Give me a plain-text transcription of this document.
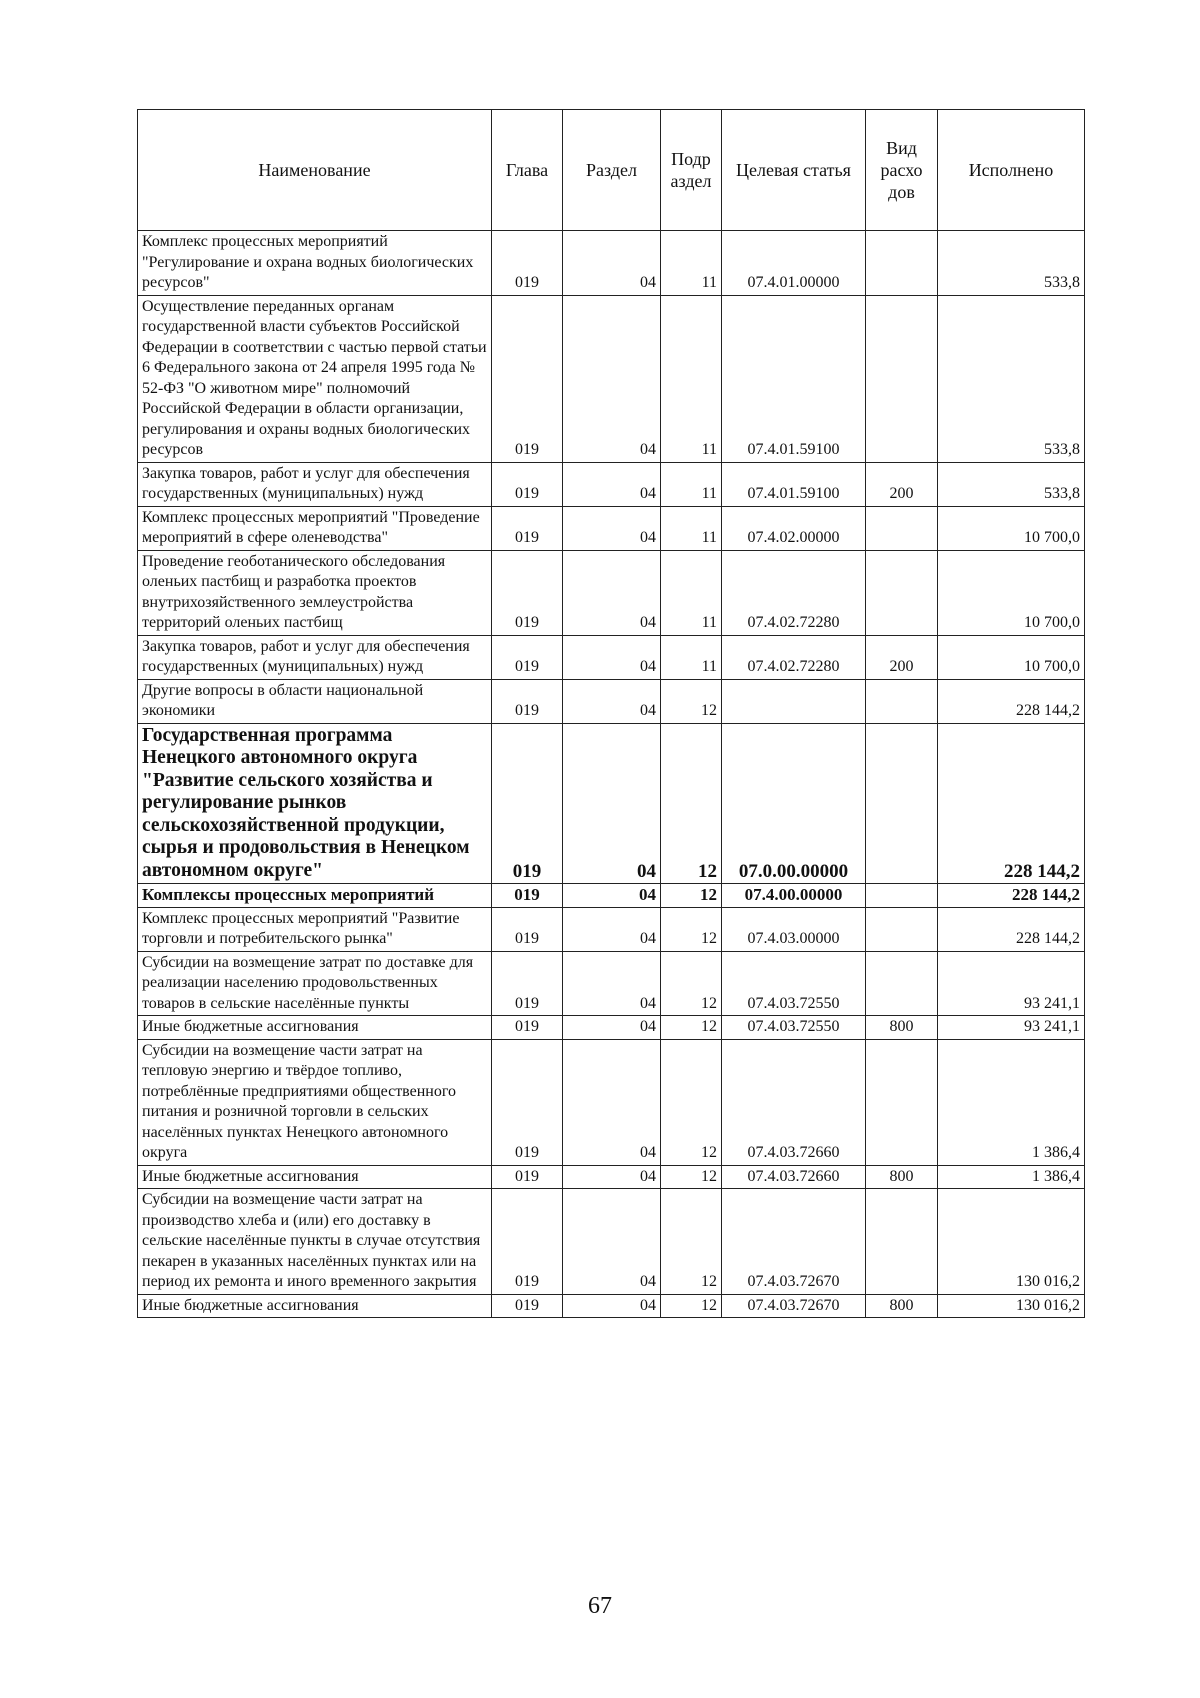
Наименование	Глава	Раздел	Подр аздел	Целевая статья	Вид расхо дов	Исполнено
Комплекс процессных мероприятий "Регулирование и охрана водных биологических ресурсов"	019	04	11	07.4.01.00000		533,8
Осуществление переданных органам государственной власти субъектов Российской Федерации в соответствии с частью первой статьи 6 Федерального закона от 24 апреля 1995 года № 52-ФЗ "О животном мире" полномочий Российской Федерации в области организации, регулирования и охраны водных биологических ресурсов	019	04	11	07.4.01.59100		533,8
Закупка товаров, работ и услуг для обеспечения государственных (муниципальных) нужд	019	04	11	07.4.01.59100	200	533,8
Комплекс процессных мероприятий "Проведение мероприятий в сфере оленеводства"	019	04	11	07.4.02.00000		10 700,0
Проведение геоботанического обследования оленьих пастбищ и разработка проектов внутрихозяйственного землеустройства территорий оленьих пастбищ	019	04	11	07.4.02.72280		10 700,0
Закупка товаров, работ и услуг для обеспечения государственных (муниципальных) нужд	019	04	11	07.4.02.72280	200	10 700,0
Другие вопросы в области национальной экономики	019	04	12			228 144,2
Государственная программа Ненецкого автономного округа "Развитие сельского хозяйства и регулирование рынков сельскохозяйственной продукции, сырья и продовольствия в Ненецком автономном округе"	019	04	12	07.0.00.00000		228 144,2
Комплексы процессных мероприятий	019	04	12	07.4.00.00000		228 144,2
Комплекс процессных мероприятий "Развитие торговли и потребительского рынка"	019	04	12	07.4.03.00000		228 144,2
Субсидии на возмещение затрат по доставке для реализации населению продовольственных товаров в сельские населённые пункты	019	04	12	07.4.03.72550		93 241,1
Иные бюджетные ассигнования	019	04	12	07.4.03.72550	800	93 241,1
Субсидии на возмещение части затрат на тепловую энергию и твёрдое топливо, потреблённые предприятиями общественного питания и розничной торговли в сельских населённых пунктах Ненецкого автономного округа	019	04	12	07.4.03.72660		1 386,4
Иные бюджетные ассигнования	019	04	12	07.4.03.72660	800	1 386,4
Субсидии на возмещение части затрат на производство хлеба и (или) его доставку в сельские населённые пункты в случае отсутствия пекарен в указанных населённых пунктах или на период их ремонта и иного временного закрытия	019	04	12	07.4.03.72670		130 016,2
Иные бюджетные ассигнования	019	04	12	07.4.03.72670	800	130 016,2
67
